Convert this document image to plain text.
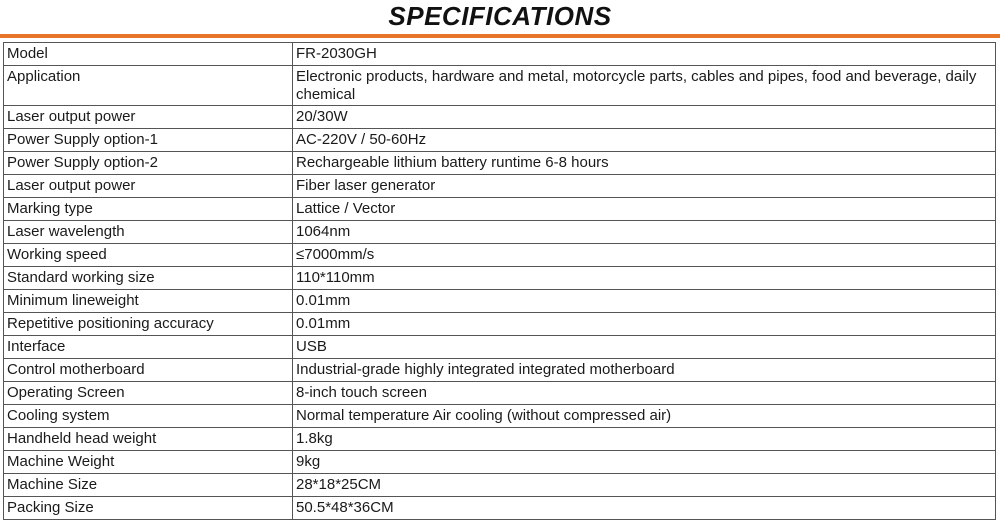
SPECIFICATIONS
Model	FR-2030GH
Application	Electronic products, hardware and metal, motorcycle parts, cables and pipes, food and beverage, daily chemical
Laser output power	20/30W
Power Supply option-1	AC-220V / 50-60Hz
Power Supply option-2	Rechargeable lithium battery runtime 6-8 hours
Laser output power	Fiber laser generator
Marking type	Lattice / Vector
Laser wavelength	1064nm
Working speed	≤7000mm/s
Standard working size	110*110mm
Minimum lineweight	0.01mm
Repetitive positioning accuracy	0.01mm
Interface	USB
Control motherboard	Industrial-grade highly integrated integrated motherboard
Operating Screen	8-inch touch screen
Cooling system	Normal temperature Air cooling (without compressed air)
Handheld head weight	1.8kg
Machine Weight	9kg
Machine Size	28*18*25CM
Packing Size	50.5*48*36CM
